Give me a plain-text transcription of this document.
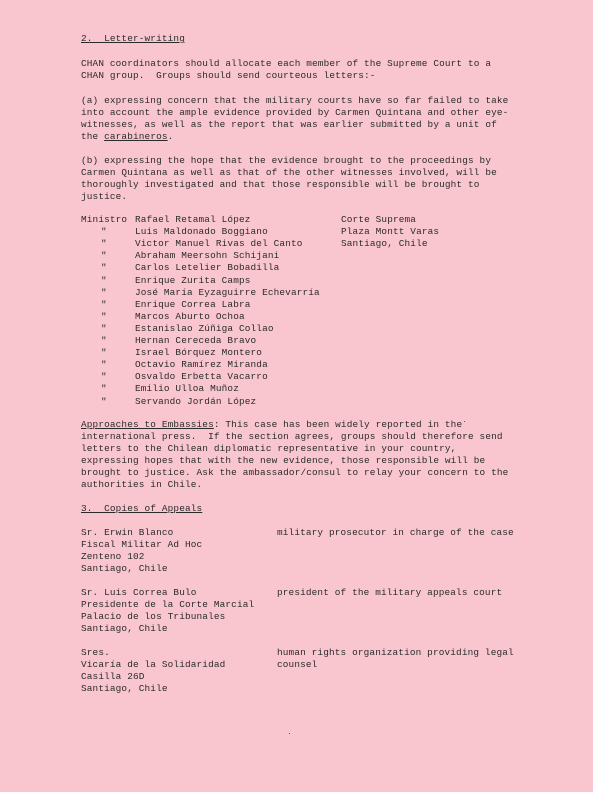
2.  Letter-writing
CHAN coordinators should allocate each member of the Supreme Court to a
CHAN group.  Groups should send courteous letters:-
(a) expressing concern that the military courts have so far failed to take
into account the ample evidence provided by Carmen Quintana and other eye-
witnesses, as well as the report that was earlier submitted by a unit of
the carabineros.
(b) expressing the hope that the evidence brought to the proceedings by
Carmen Quintana as well as that of the other witnesses involved, will be
thoroughly investigated and that those responsible will be brought to
justice.
Ministro Rafael Retamal López
Luis Maldonado Boggiano
"
Victor Manuel Rivas del Canto
"
Abraham Meersohn Schijani
"
Carlos Letelier Bobadilla
"
Enrique Zurita Camps
"
José María Eyzaguirre Echevarría
"
Enrique Correa Labra
"
Marcos Aburto Ochoa
"
Estanislao Zúñiga Collao
"
Hernan Cereceda Bravo
"
Israel Bórquez Montero
"
Octavio Ramírez Miranda
"
Osvaldo Erbetta Vacarro
"
Emilio Ulloa Muñoz
"
Servando Jordán López
"
Corte Suprema
Plaza Montt Varas
Santiago, Chile
Approaches to Embassies: This case has been widely reported in the
international press.  If the section agrees, groups should therefore send
letters to the Chilean diplomatic representative in your country,
expressing hopes that with the new evidence, those responsible will be
brought to justice. Ask the ambassador/consul to relay your concern to the
authorities in Chile.
3.  Copies of Appeals
Sr. Erwin Blanco
Fiscal Militar Ad Hoc
Zenteno 102
Santiago, Chile
military prosecutor in charge of the case
Sr. Luis Correa Bulo
Presidente de la Corte Marcial
Palacio de los Tribunales
Santiago, Chile
president of the military appeals court
Sres.
Vicaría de la Solidaridad
Casilla 26D
Santiago, Chile
human rights organization providing legal
counsel
